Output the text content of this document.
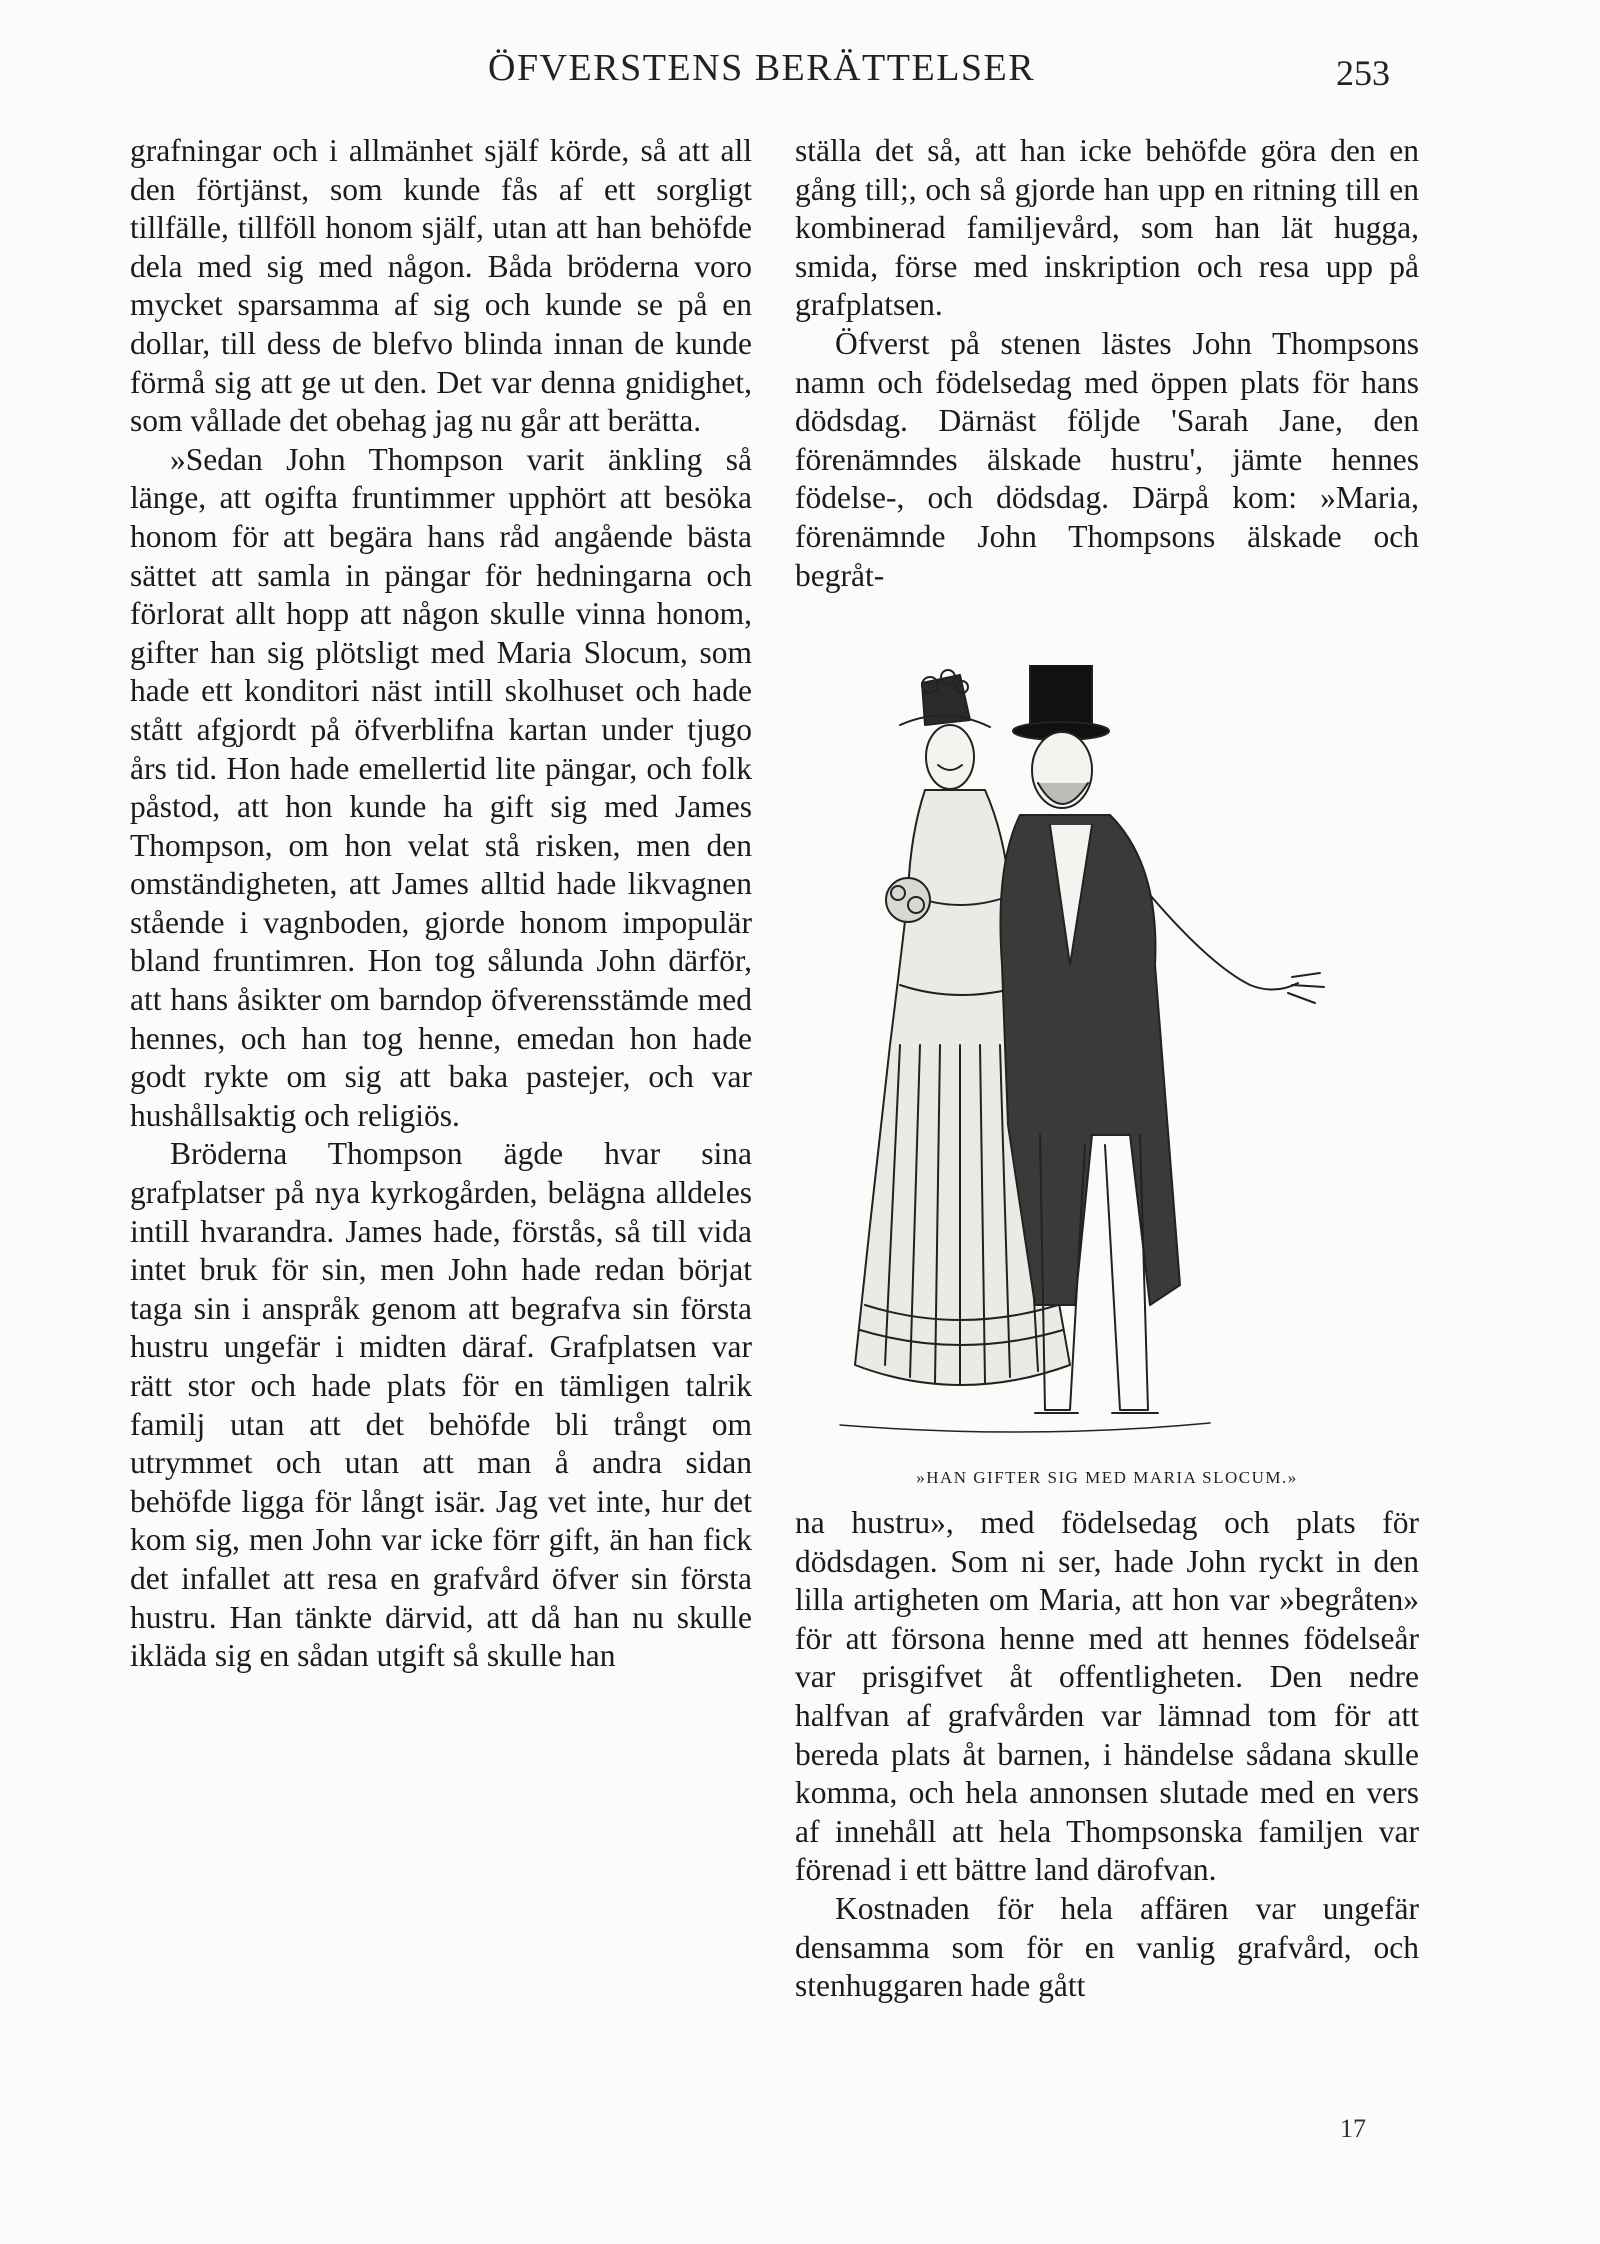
ÖFVERSTENS BERÄTTELSER	253

grafningar och i allmänhet själf körde, så att all den förtjänst, som kunde fås af ett sorgligt tillfälle, tillföll honom själf, utan att han behöfde dela med sig med någon. Båda bröderna voro mycket sparsamma af sig och kunde se på en dollar, till dess de blefvo blinda innan de kunde förmå sig att ge ut den. Det var denna gnidighet, som vållade det obehag jag nu går att berätta.

»Sedan John Thompson varit änkling så länge, att ogifta fruntimmer upphört att besöka honom för att begära hans råd angående bästa sättet att samla in pängar för hedningarna och förlorat allt hopp att någon skulle vinna honom, gifter han sig plötsligt med Maria Slocum, som hade ett konditori näst intill skolhuset och hade stått afgjordt på öfverblifna kartan under tjugo års tid. Hon hade emellertid lite pängar, och folk påstod, att hon kunde ha gift sig med James Thompson, om hon velat stå risken, men den omständigheten, att James alltid hade likvagnen stående i vagnboden, gjorde honom impopulär bland fruntimren. Hon tog sålunda John därför, att hans åsikter om barndop öfverensstämde med hennes, och han tog henne, emedan hon hade godt rykte om sig att baka pastejer, och var hushållsaktig och religiös.

Bröderna Thompson ägde hvar sina grafplatser på nya kyrkogården, belägna alldeles intill hvarandra. James hade, förstås, så till vida intet bruk för sin, men John hade redan börjat taga sin i anspråk genom att begrafva sin första hustru ungefär i midten däraf. Grafplatsen var rätt stor och hade plats för en tämligen talrik familj utan att det behöfde bli trångt om utrymmet och utan att man å andra sidan behöfde ligga för långt isär. Jag vet inte, hur det kom sig, men John var icke förr gift, än han fick det infallet att resa en grafvård öfver sin första hustru. Han tänkte därvid, att då han nu skulle ikläda sig en sådan utgift så skulle han

ställa det så, att han icke behöfde göra den en gång till;, och så gjorde han upp en ritning till en kombinerad familjevård, som han lät hugga, smida, förse med inskription och resa upp på grafplatsen.

Öfverst på stenen lästes John Thompsons namn och födelsedag med öppen plats för hans dödsdag. Därnäst följde 'Sarah Jane, den förenämndes älskade hustru', jämte hennes födelse-, och dödsdag. Därpå kom: »Maria, förenämnde John Thompsons älskade och begråt-

»HAN GIFTER SIG MED MARIA SLOCUM.»

na hustru», med födelsedag och plats för dödsdagen. Som ni ser, hade John ryckt in den lilla artigheten om Maria, att hon var »begråten» för att försona henne med att hennes födelseår var prisgifvet åt offentligheten. Den nedre halfvan af grafvården var lämnad tom för att bereda plats åt barnen, i händelse sådana skulle komma, och hela annonsen slutade med en vers af innehåll att hela Thompsonska familjen var förenad i ett bättre land därofvan.

Kostnaden för hela affären var ungefär densamma som för en vanlig grafvård, och stenhuggaren hade gått

17
